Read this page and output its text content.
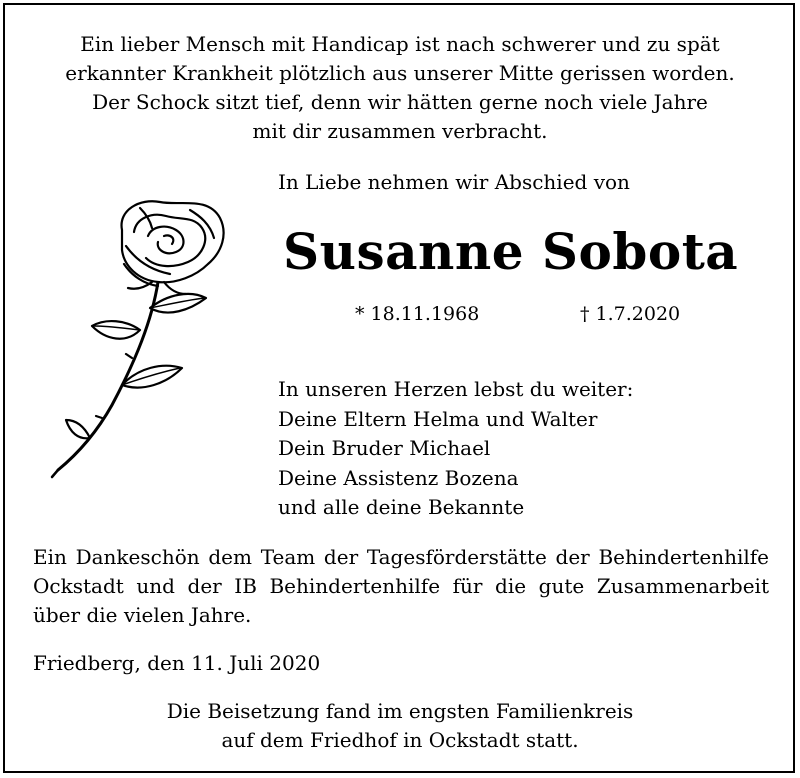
Ein lieber Mensch mit Handicap ist nach schwerer und zu spät
erkannter Krankheit plötzlich aus unserer Mitte gerissen worden.
Der Schock sitzt tief, denn wir hätten gerne noch viele Jahre
mit dir zusammen verbracht.
In Liebe nehmen wir Abschied von
Susanne Sobota
* 18.11.1968	† 1.7.2020
In unseren Herzen lebst du weiter:
Deine Eltern Helma und Walter
Dein Bruder Michael
Deine Assistenz Bozena
und alle deine Bekannte
Ein Dankeschön dem Team der Tagesförderstätte der Behindertenhilfe Ockstadt und der IB Behindertenhilfe für die gute Zusammenarbeit über die vielen Jahre.
Friedberg, den 11. Juli 2020
Die Beisetzung fand im engsten Familienkreis
auf dem Friedhof in Ockstadt statt.
